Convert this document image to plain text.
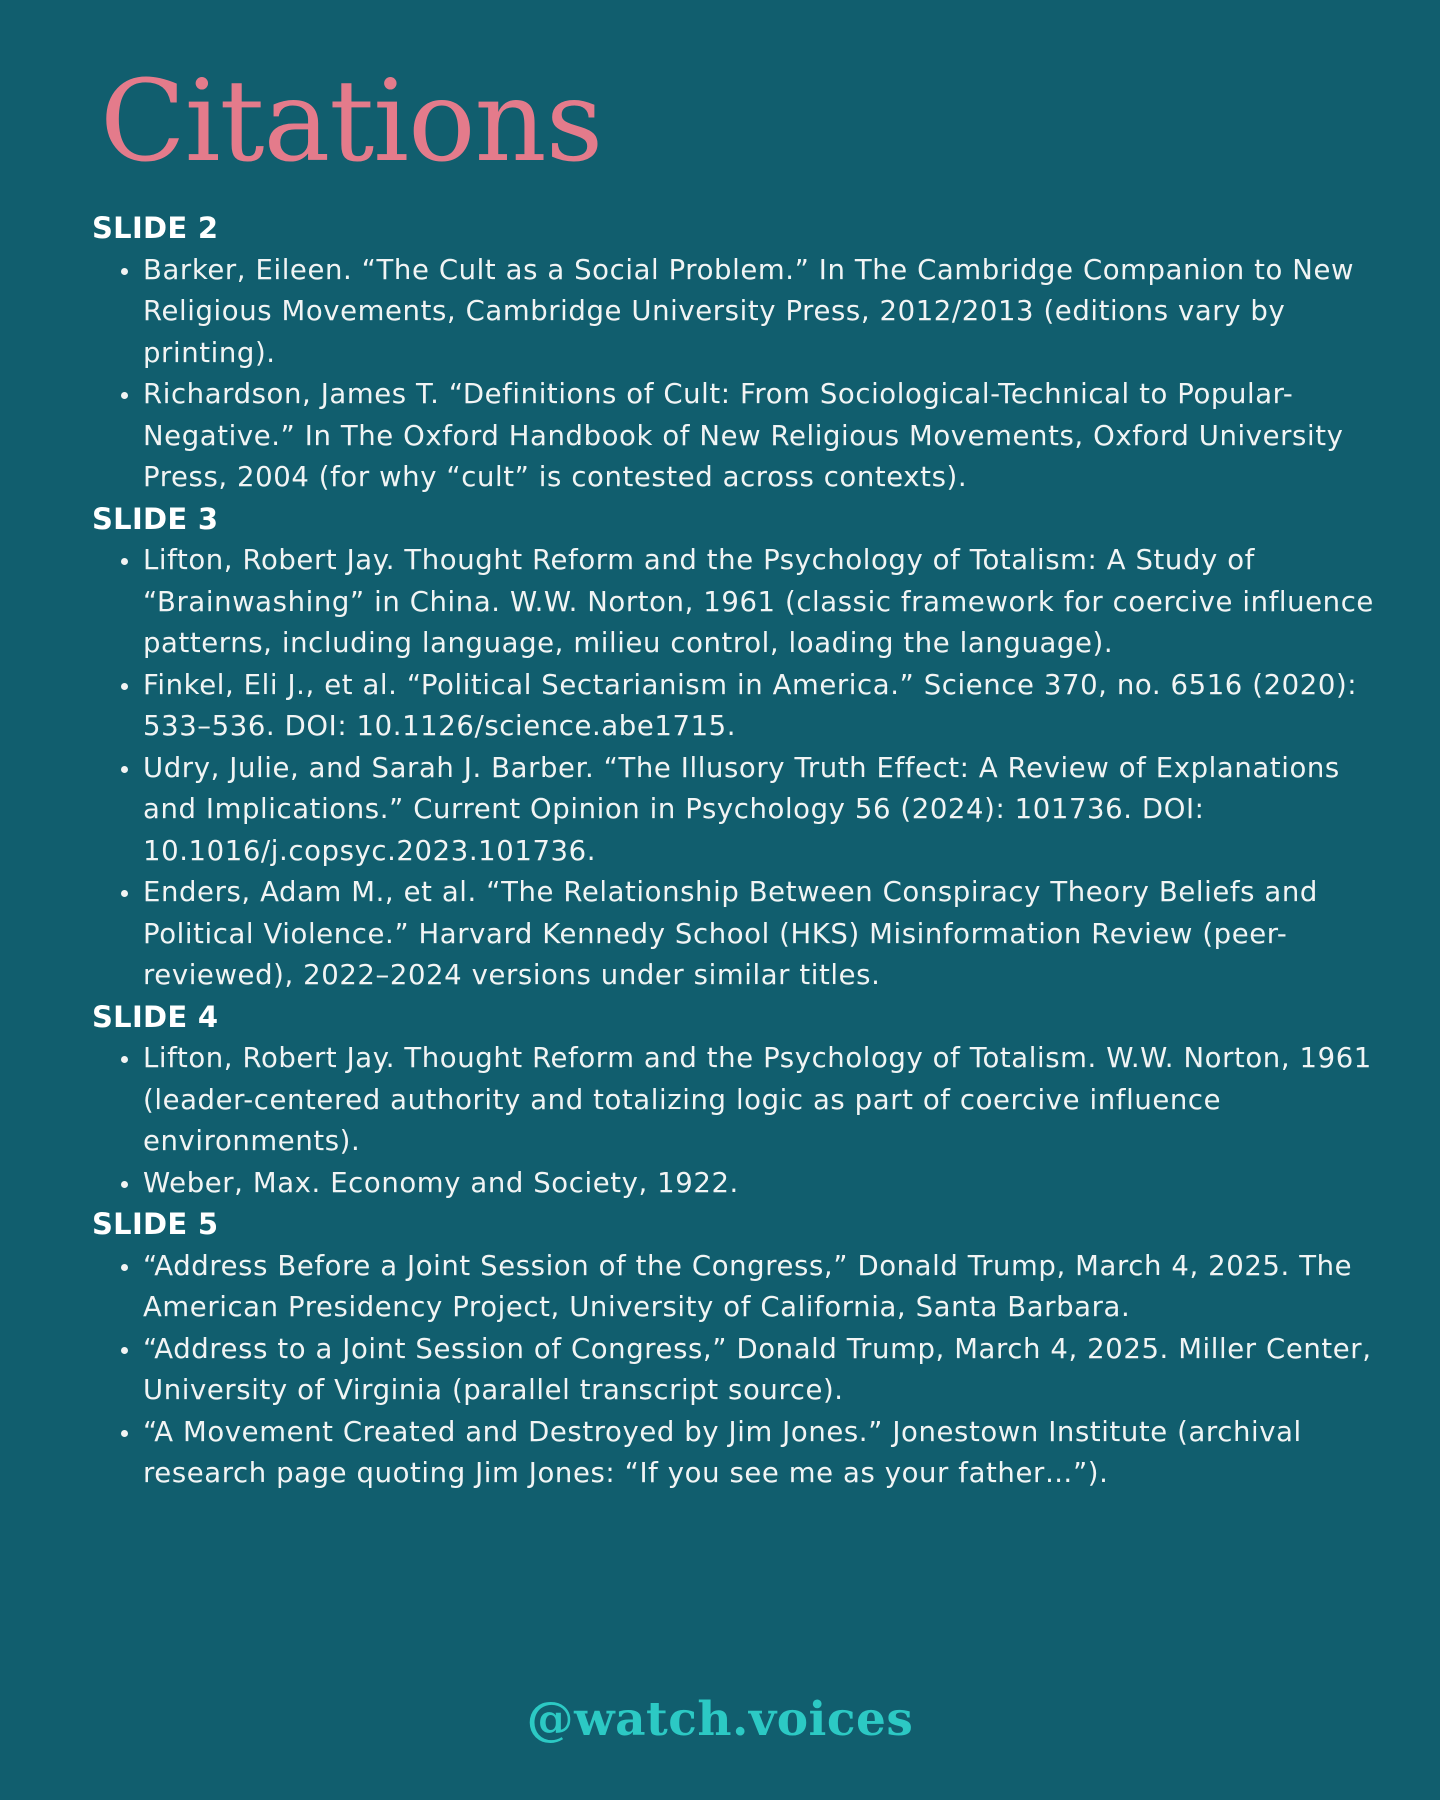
Citations
SLIDE 2
Barker, Eileen. “The Cult as a Social Problem.” In The Cambridge Companion to New Religious Movements, Cambridge University Press, 2012/2013 (editions vary by printing).
Richardson, James T. “Definitions of Cult: From Sociological-Technical to Popular-Negative.” In The Oxford Handbook of New Religious Movements, Oxford University Press, 2004 (for why “cult” is contested across contexts).
SLIDE 3
Lifton, Robert Jay. Thought Reform and the Psychology of Totalism: A Study of “Brainwashing” in China. W.W. Norton, 1961 (classic framework for coercive influence patterns, including language, milieu control, loading the language).
Finkel, Eli J., et al. “Political Sectarianism in America.” Science 370, no. 6516 (2020): 533–536. DOI: 10.1126/science.abe1715.
Udry, Julie, and Sarah J. Barber. “The Illusory Truth Effect: A Review of Explanations and Implications.” Current Opinion in Psychology 56 (2024): 101736. DOI: 10.1016/j.copsyc.2023.101736.
Enders, Adam M., et al. “The Relationship Between Conspiracy Theory Beliefs and Political Violence.” Harvard Kennedy School (HKS) Misinformation Review (peer-reviewed), 2022–2024 versions under similar titles.
SLIDE 4
Lifton, Robert Jay. Thought Reform and the Psychology of Totalism. W.W. Norton, 1961 (leader-centered authority and totalizing logic as part of coercive influence environments).
Weber, Max. Economy and Society, 1922.
SLIDE 5
“Address Before a Joint Session of the Congress,” Donald Trump, March 4, 2025. The American Presidency Project, University of California, Santa Barbara.
“Address to a Joint Session of Congress,” Donald Trump, March 4, 2025. Miller Center, University of Virginia (parallel transcript source).
“A Movement Created and Destroyed by Jim Jones.” Jonestown Institute (archival research page quoting Jim Jones: “If you see me as your father…”).

@watch.voices
